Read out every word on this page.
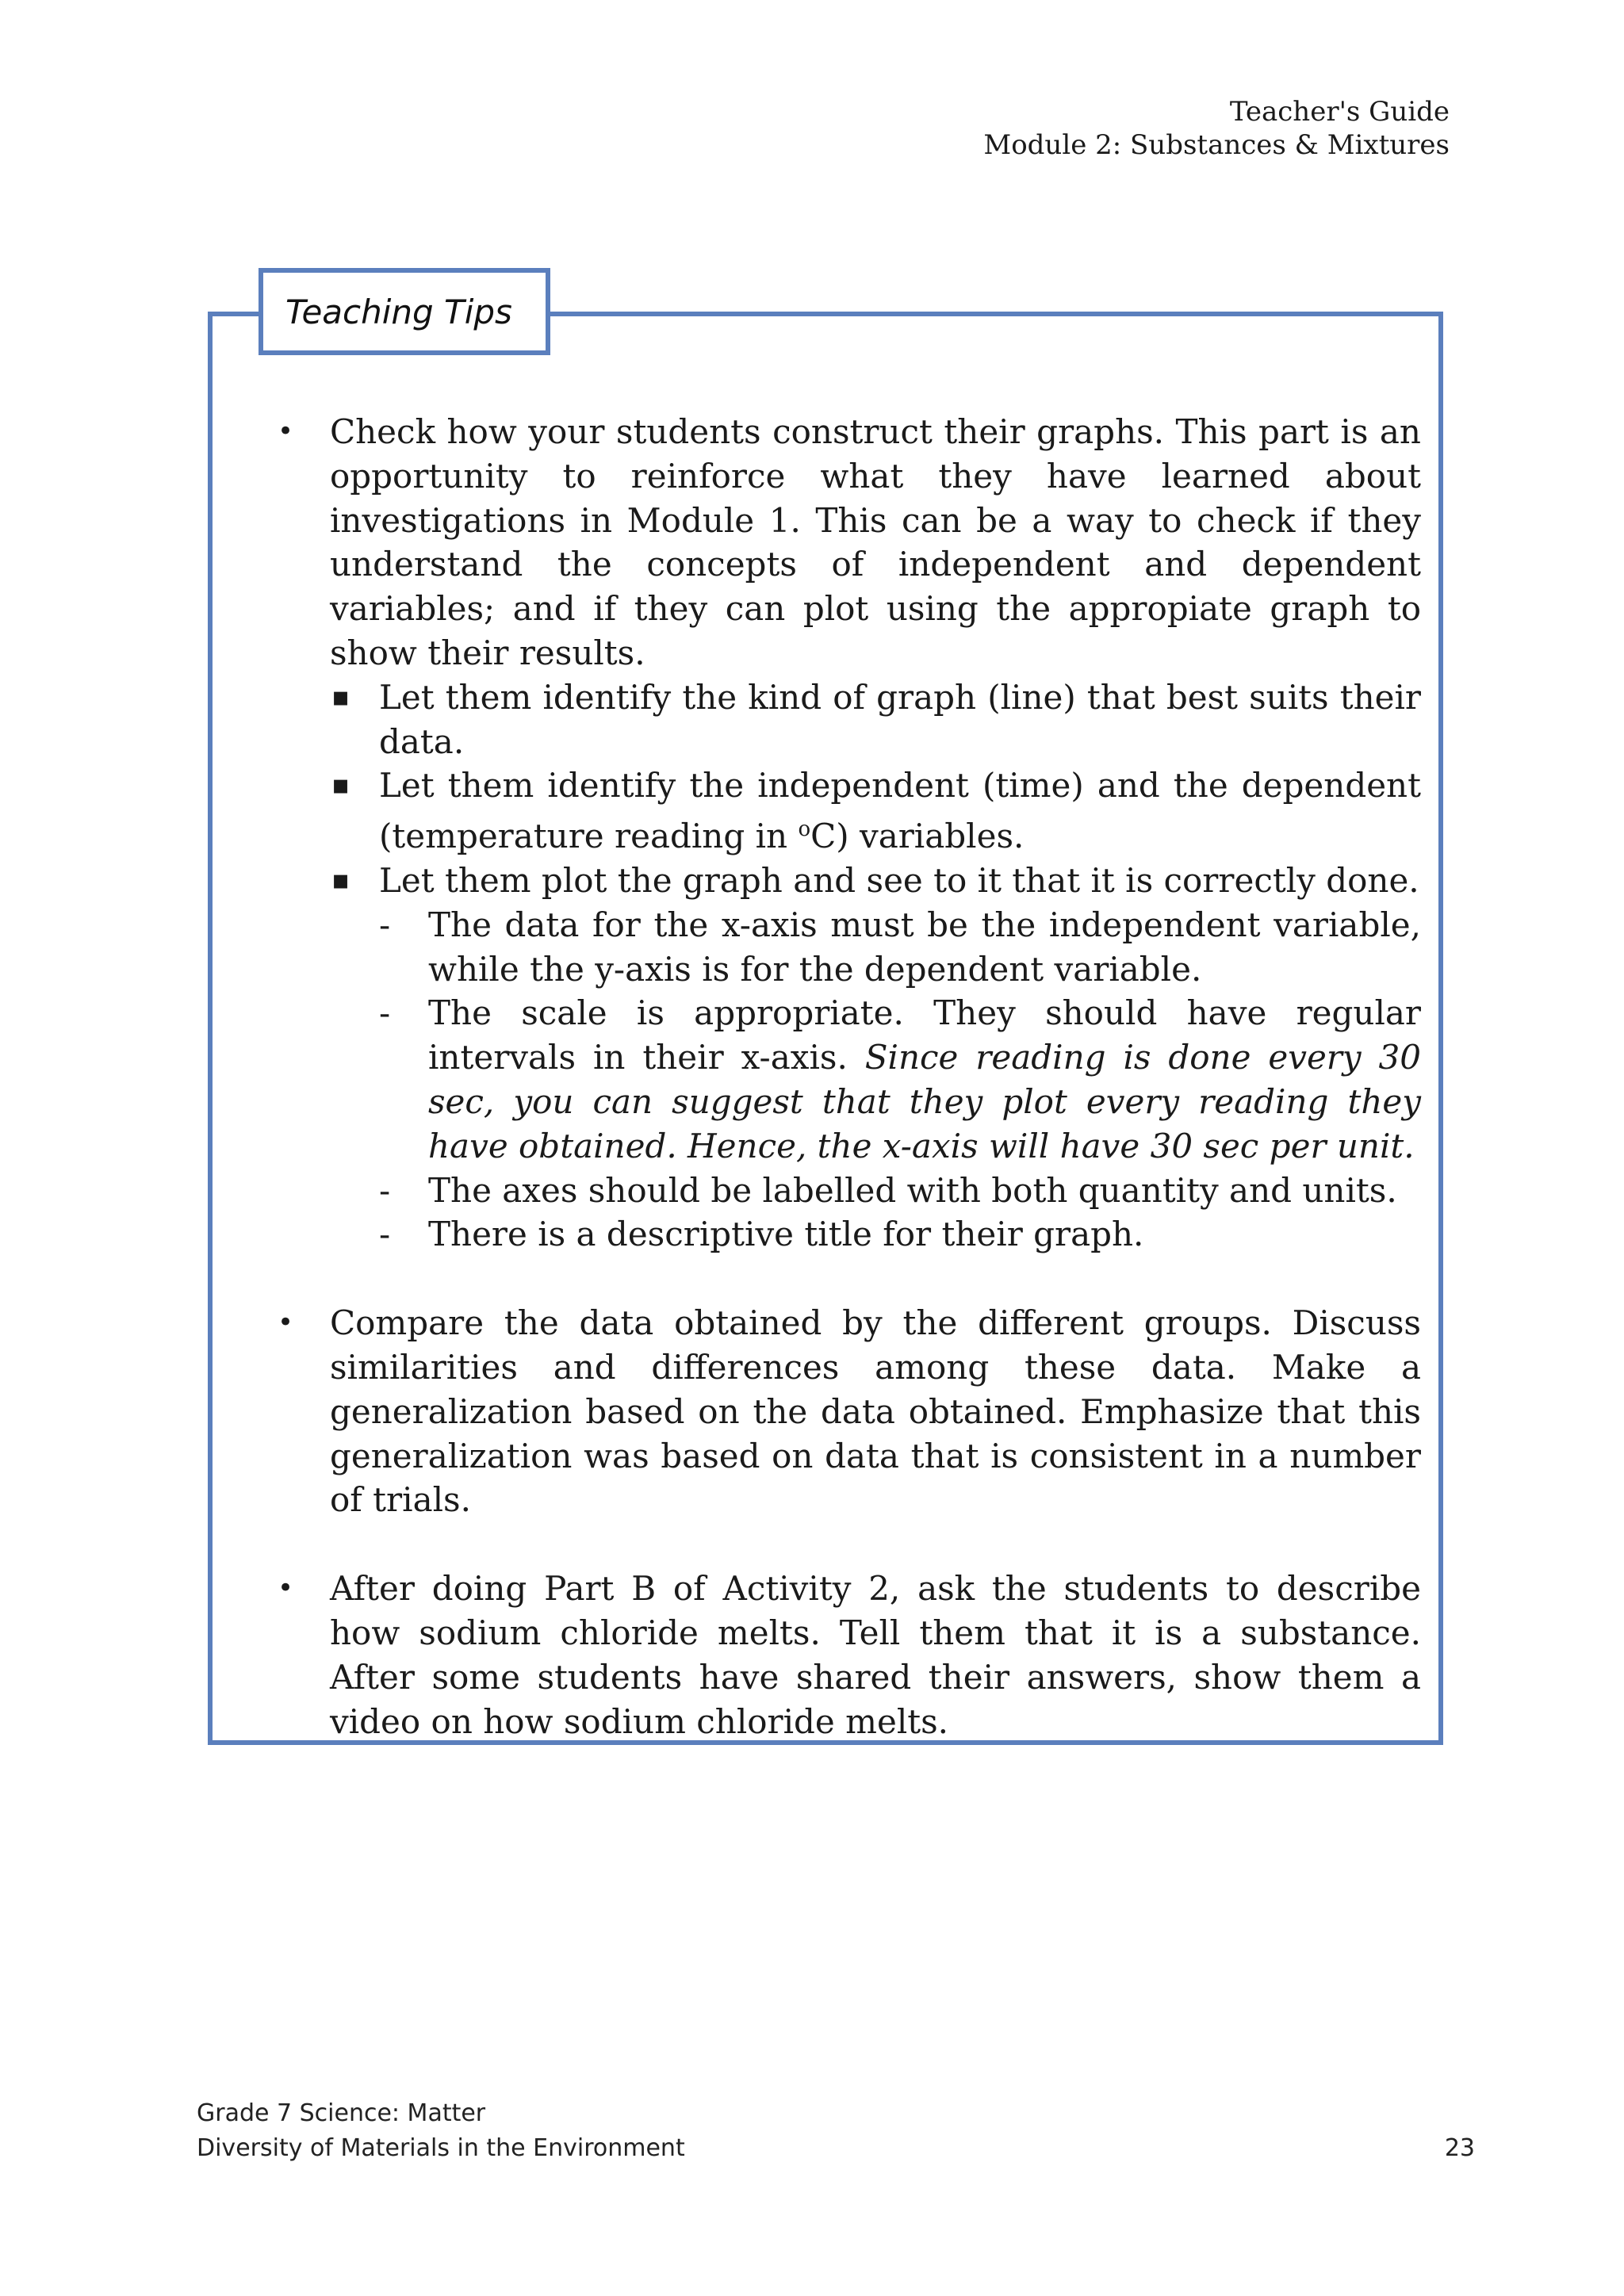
Teacher's Guide
Module 2: Substances & Mixtures
Teaching Tips
• Check how your students construct their graphs. This part is an opportunity to reinforce what they have learned about investigations in Module 1. This can be a way to check if they understand the concepts of independent and dependent variables; and if they can plot using the appropiate graph to show their results.
▪ Let them identify the kind of graph (line) that best suits their data.
▪ Let them identify the independent (time) and the dependent (temperature reading in $^o$C) variables.
▪ Let them plot the graph and see to it that it is correctly done.
- The data for the x-axis must be the independent variable, while the y-axis is for the dependent variable.
- The scale is appropriate. They should have regular intervals in their x-axis. Since reading is done every 30 sec, you can suggest that they plot every reading they have obtained. Hence, the x-axis will have 30 sec per unit.
- The axes should be labelled with both quantity and units.
- There is a descriptive title for their graph.
• Compare the data obtained by the different groups. Discuss similarities and differences among these data. Make a generalization based on the data obtained. Emphasize that this generalization was based on data that is consistent in a number of trials.
• After doing Part B of Activity 2, ask the students to describe how sodium chloride melts. Tell them that it is a substance. After some students have shared their answers, show them a video on how sodium chloride melts.
Grade 7 Science: Matter
Diversity of Materials in the Environment	23
